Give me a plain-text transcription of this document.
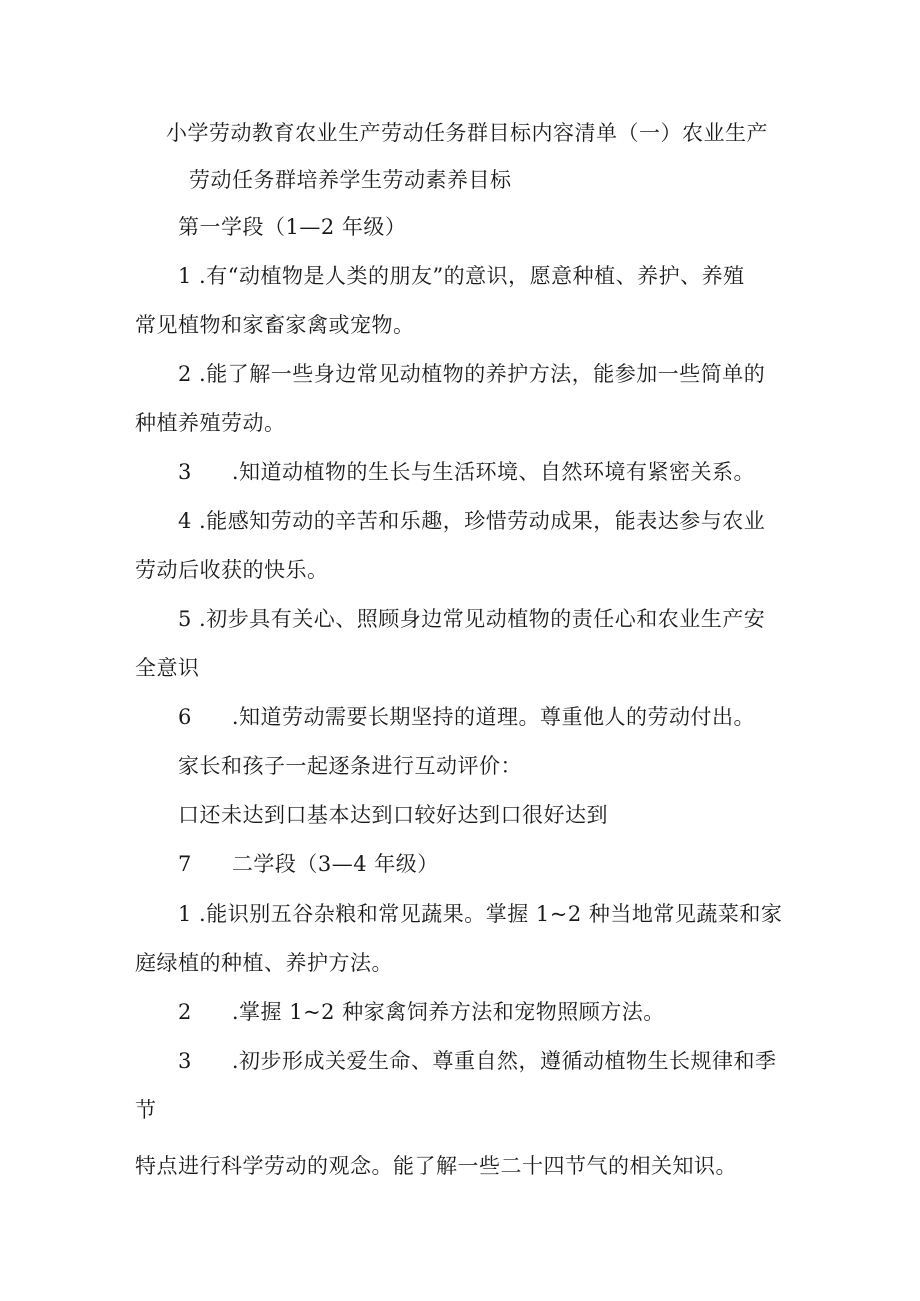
小学劳动教育农业生产劳动任务群目标内容清单（一）农业生产
劳动任务群培养学生劳动素养目标
第一学段（1—2 年级）
1 .有“动植物是人类的朋友”的意识，愿意种植、养护、养殖
常见植物和家畜家禽或宠物。
2 .能了解一些身边常见动植物的养护方法，能参加一些简单的
种植养殖劳动。
3 .知道动植物的生长与生活环境、自然环境有紧密关系。
4 .能感知劳动的辛苦和乐趣，珍惜劳动成果，能表达参与农业
劳动后收获的快乐。
5 .初步具有关心、照顾身边常见动植物的责任心和农业生产安
全意识
6 .知道劳动需要长期坚持的道理。尊重他人的劳动付出。
家长和孩子一起逐条进行互动评价：
口还未达到口基本达到口较好达到口很好达到
7 二学段（3—4 年级）
1 .能识别五谷杂粮和常见蔬果。掌握 1~2 种当地常见蔬菜和家
庭绿植的种植、养护方法。
2 .掌握 1~2 种家禽饲养方法和宠物照顾方法。
3 .初步形成关爱生命、尊重自然，遵循动植物生长规律和季
节
特点进行科学劳动的观念。能了解一些二十四节气的相关知识。
